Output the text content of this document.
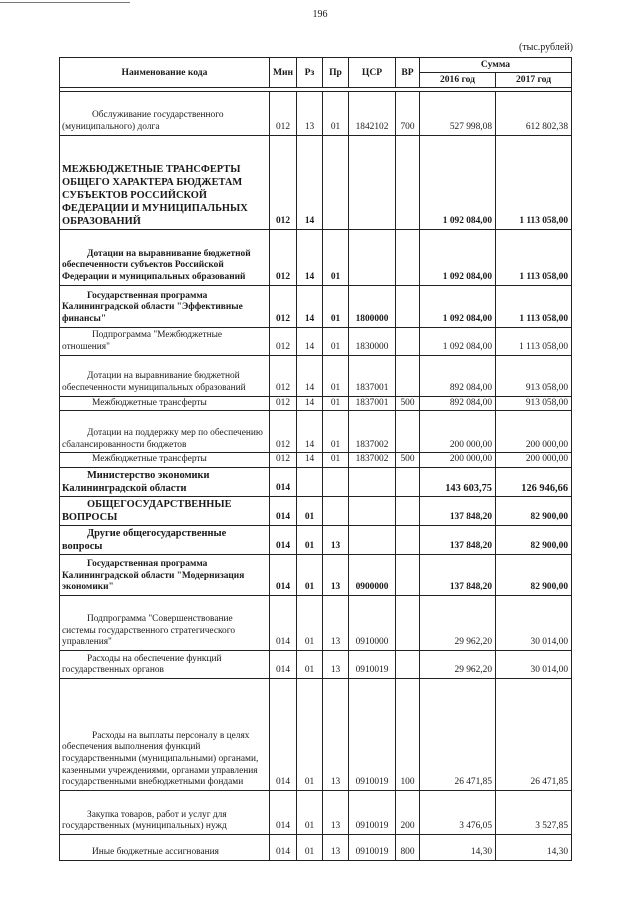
196
(тыс.рублей)
Наименование кода	Мин	Рз	Пр	ЦСР	ВР	Сумма	
						2016 год	2017 год

Обслуживание государственного (муниципального) долга	012	13	01	1842102	700	527 998,08	612 802,38
МЕЖБЮДЖЕТНЫЕ ТРАНСФЕРТЫ ОБЩЕГО ХАРАКТЕРА БЮДЖЕТАМ СУБЪЕКТОВ РОССИЙСКОЙ ФЕДЕРАЦИИ И МУНИЦИПАЛЬНЫХ ОБРАЗОВАНИЙ	012	14				1 092 084,00	1 113 058,00
Дотации на выравнивание бюджетной обеспеченности субъектов Российской Федерации и муниципальных образований	012	14	01			1 092 084,00	1 113 058,00
Государственная программа Калининградской области "Эффективные финансы"	012	14	01	1800000		1 092 084,00	1 113 058,00
Подпрограмма "Межбюджетные отношения"	012	14	01	1830000		1 092 084,00	1 113 058,00
Дотации на выравнивание бюджетной обеспеченности муниципальных образований	012	14	01	1837001		892 084,00	913 058,00
Межбюджетные трансферты	012	14	01	1837001	500	892 084,00	913 058,00
Дотации на поддержку мер по обеспечению сбалансированности бюджетов	012	14	01	1837002		200 000,00	200 000,00
Межбюджетные трансферты	012	14	01	1837002	500	200 000,00	200 000,00
Министерство экономики Калининградской области	014					143 603,75	126 946,66
ОБЩЕГОСУДАРСТВЕННЫЕ ВОПРОСЫ	014	01				137 848,20	82 900,00
Другие общегосударственные вопросы	014	01	13			137 848,20	82 900,00
Государственная программа Калининградской области "Модернизация экономики"	014	01	13	0900000		137 848,20	82 900,00
Подпрограмма "Совершенствование системы государственного стратегического управления"	014	01	13	0910000		29 962,20	30 014,00
Расходы на обеспечение функций государственных органов	014	01	13	0910019		29 962,20	30 014,00
Расходы на выплаты персоналу в целях обеспечения выполнения функций государственными (муниципальными) органами, казенными учреждениями, органами управления государственными внебюджетными фондами	014	01	13	0910019	100	26 471,85	26 471,85
Закупка товаров, работ и услуг для государственных (муниципальных) нужд	014	01	13	0910019	200	3 476,05	3 527,85
Иные бюджетные ассигнования	014	01	13	0910019	800	14,30	14,30
